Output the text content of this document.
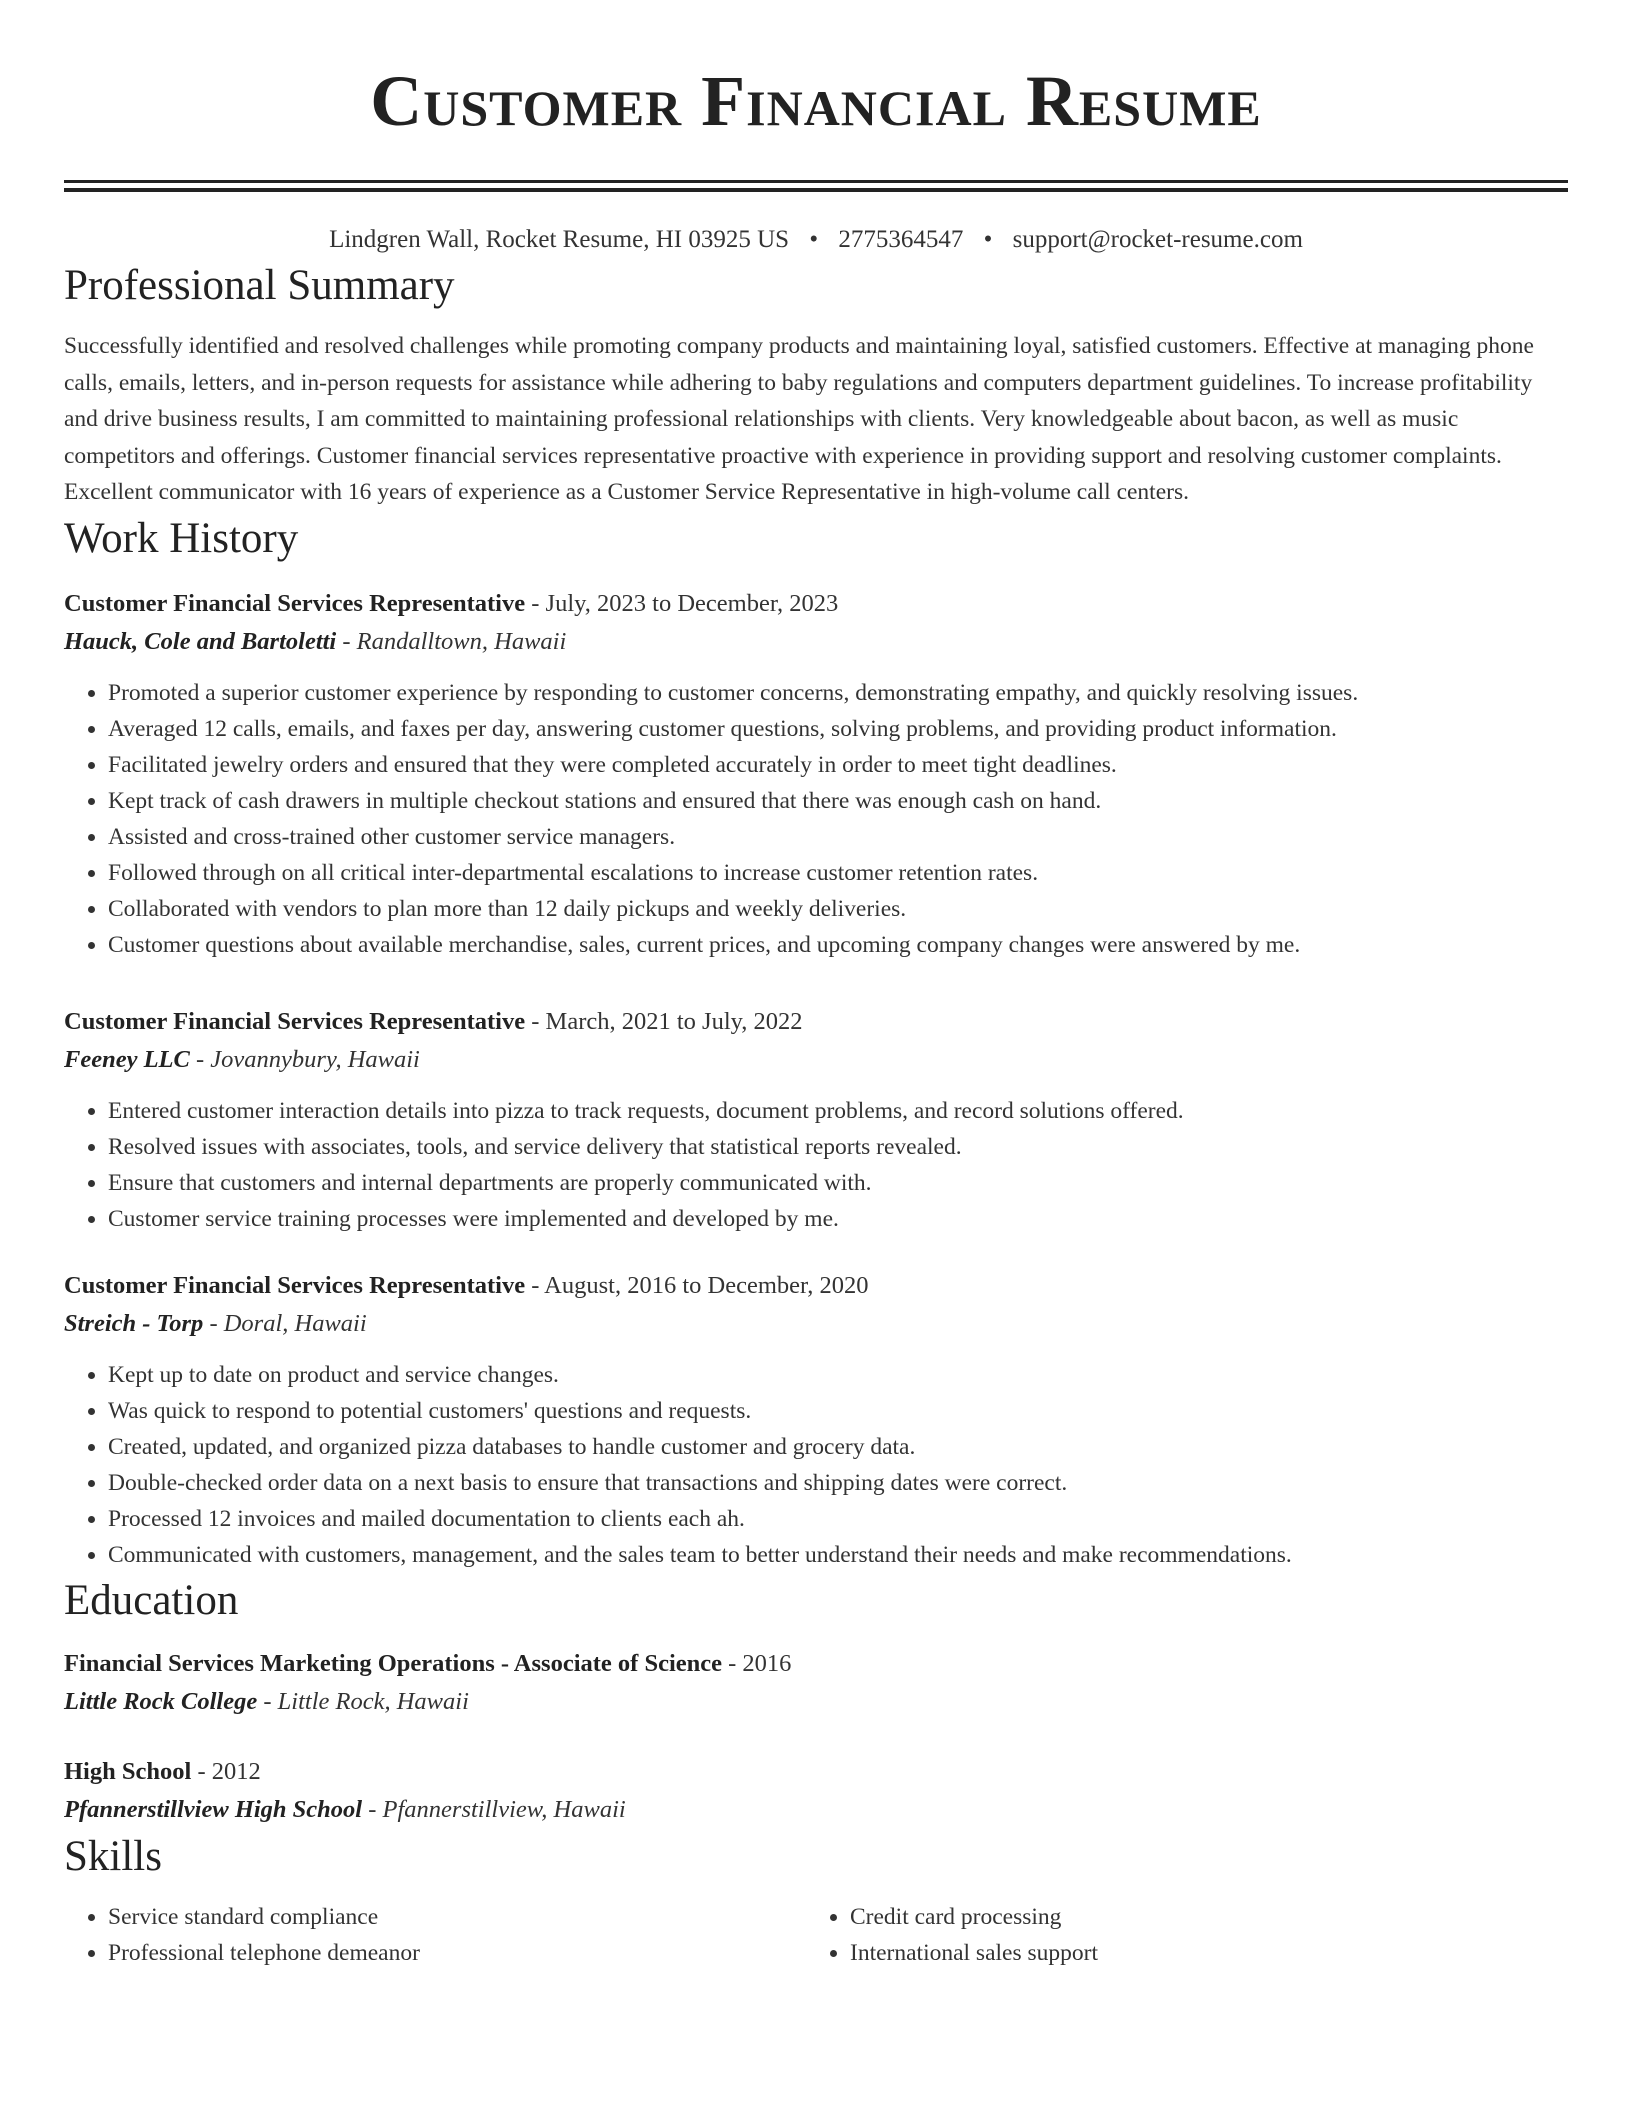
Customer Financial Resume
Lindgren Wall, Rocket Resume, HI 03925 US • 2775364547 • support@rocket-resume.com
Professional Summary
Successfully identified and resolved challenges while promoting company products and maintaining loyal, satisfied customers. Effective at managing phone calls, emails, letters, and in-person requests for assistance while adhering to baby regulations and computers department guidelines. To increase profitability and drive business results, I am committed to maintaining professional relationships with clients. Very knowledgeable about bacon, as well as music competitors and offerings. Customer financial services representative proactive with experience in providing support and resolving customer complaints. Excellent communicator with 16 years of experience as a Customer Service Representative in high-volume call centers.
Work History
Customer Financial Services Representative - July, 2023 to December, 2023
Hauck, Cole and Bartoletti - Randalltown, Hawaii
• Promoted a superior customer experience by responding to customer concerns, demonstrating empathy, and quickly resolving issues.
• Averaged 12 calls, emails, and faxes per day, answering customer questions, solving problems, and providing product information.
• Facilitated jewelry orders and ensured that they were completed accurately in order to meet tight deadlines.
• Kept track of cash drawers in multiple checkout stations and ensured that there was enough cash on hand.
• Assisted and cross-trained other customer service managers.
• Followed through on all critical inter-departmental escalations to increase customer retention rates.
• Collaborated with vendors to plan more than 12 daily pickups and weekly deliveries.
• Customer questions about available merchandise, sales, current prices, and upcoming company changes were answered by me.
Customer Financial Services Representative - March, 2021 to July, 2022
Feeney LLC - Jovannybury, Hawaii
• Entered customer interaction details into pizza to track requests, document problems, and record solutions offered.
• Resolved issues with associates, tools, and service delivery that statistical reports revealed.
• Ensure that customers and internal departments are properly communicated with.
• Customer service training processes were implemented and developed by me.
Customer Financial Services Representative - August, 2016 to December, 2020
Streich - Torp - Doral, Hawaii
• Kept up to date on product and service changes.
• Was quick to respond to potential customers' questions and requests.
• Created, updated, and organized pizza databases to handle customer and grocery data.
• Double-checked order data on a next basis to ensure that transactions and shipping dates were correct.
• Processed 12 invoices and mailed documentation to clients each ah.
• Communicated with customers, management, and the sales team to better understand their needs and make recommendations.
Education
Financial Services Marketing Operations - Associate of Science - 2016
Little Rock College - Little Rock, Hawaii
High School - 2012
Pfannerstillview High School - Pfannerstillview, Hawaii
Skills
• Service standard compliance
• Professional telephone demeanor
• Credit card processing
• International sales support
